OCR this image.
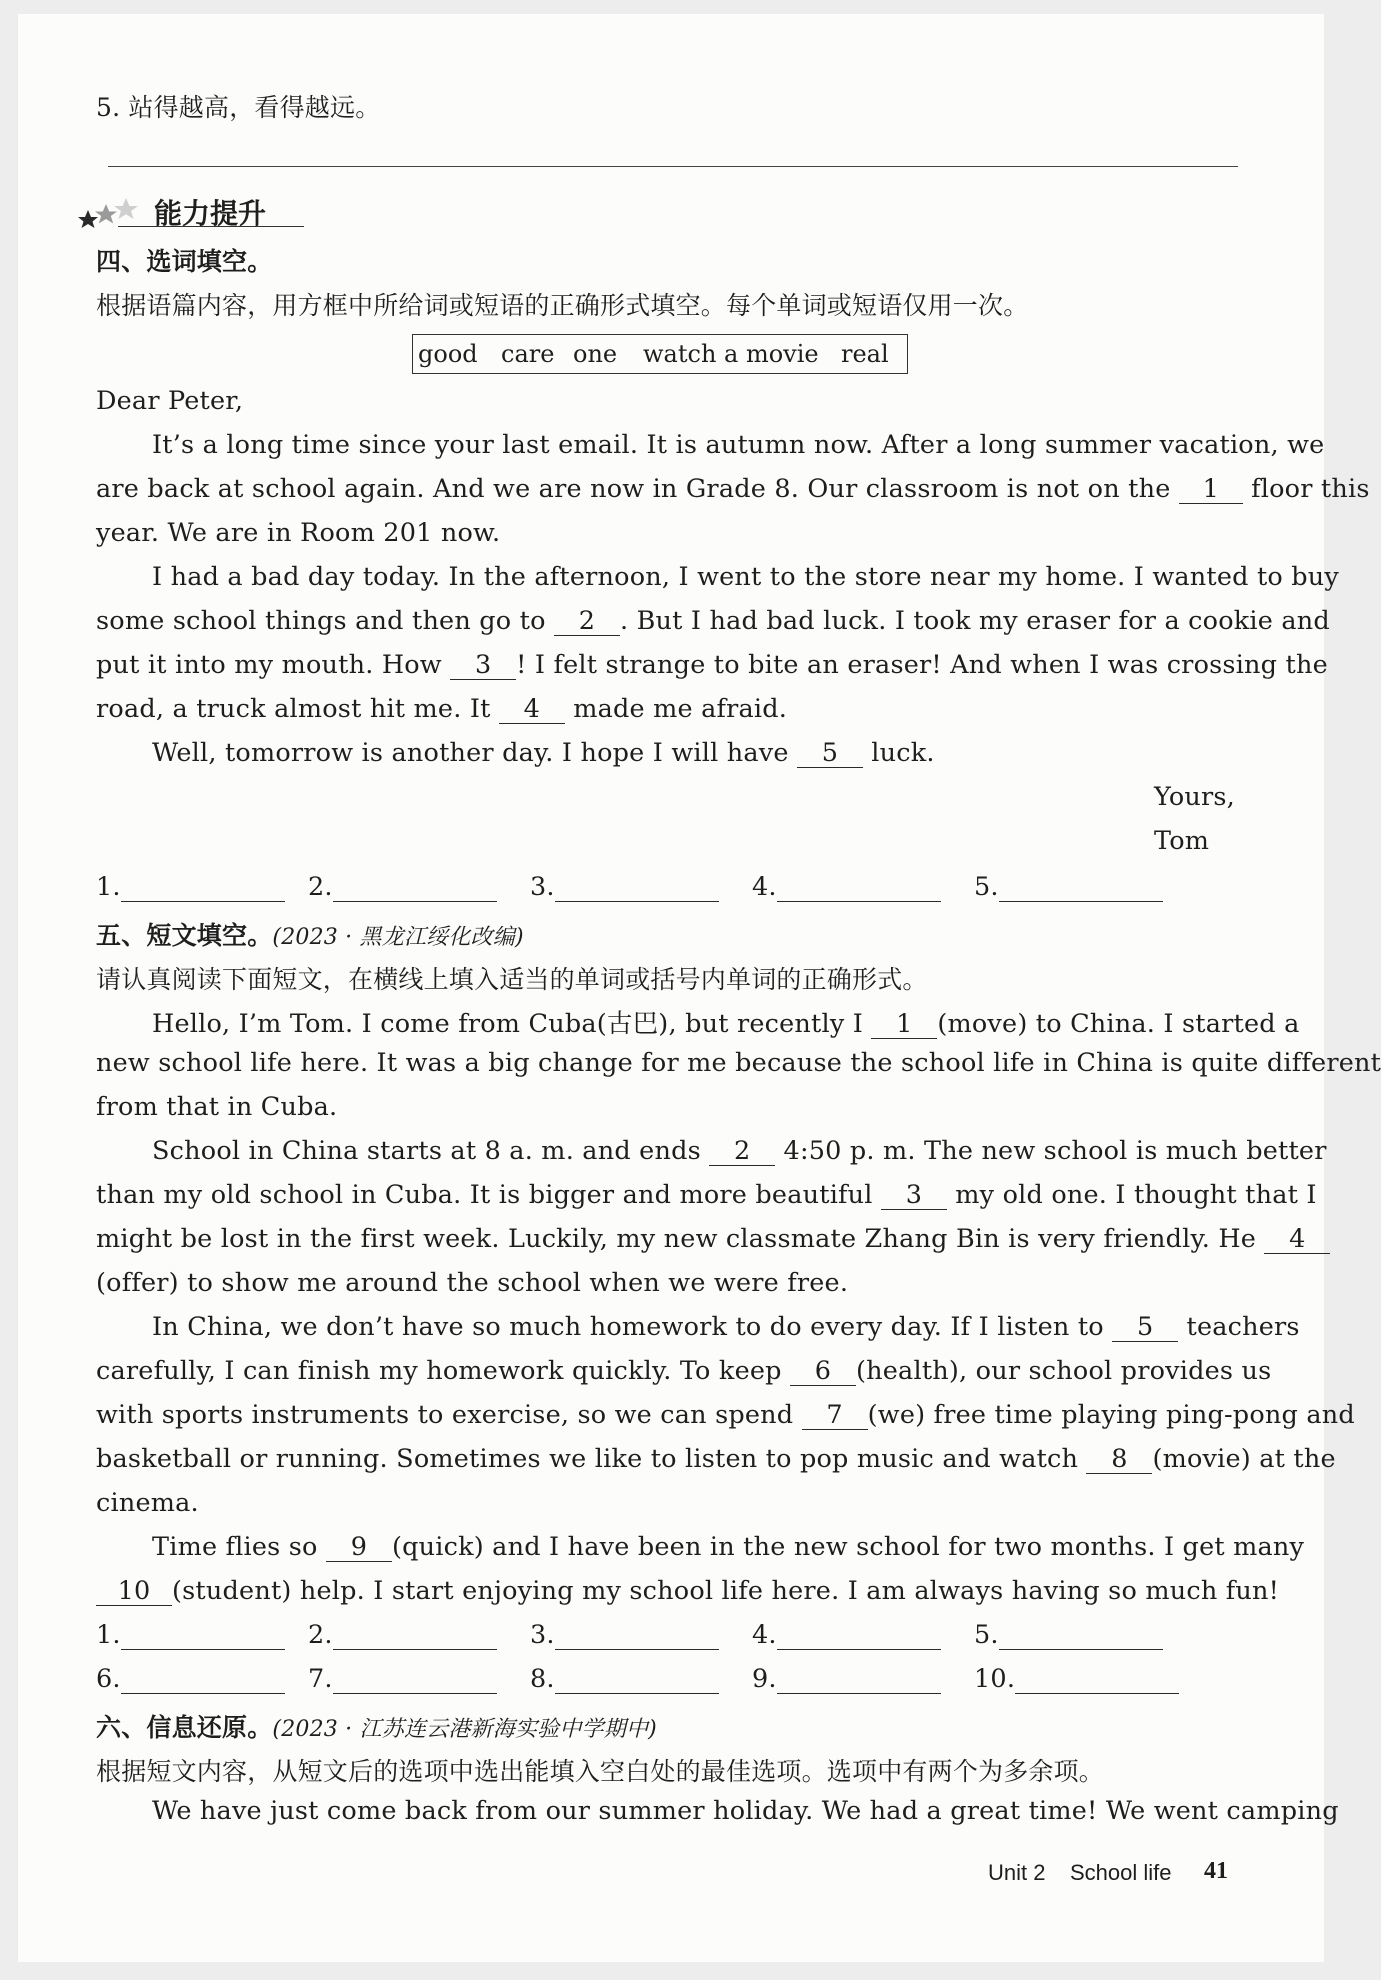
5. 站得越高，看得越远。
能力提升
四、选词填空。
根据语篇内容，用方框中所给词或短语的正确形式填空。每个单词或短语仅用一次。
good care one watch a movie real
Dear Peter,
It’s a long time since your last email. It is autumn now. After a long summer vacation, we
are back at school again. And we are now in Grade 8. Our classroom is not on the 1 floor this
year. We are in Room 201 now.
I had a bad day today. In the afternoon, I went to the store near my home. I wanted to buy
some school things and then go to 2 . But I had bad luck. I took my eraser for a cookie and
put it into my mouth. How 3 ! I felt strange to bite an eraser! And when I was crossing the
road, a truck almost hit me. It 4 made me afraid.
Well, tomorrow is another day. I hope I will have 5 luck.
Yours,
Tom
1.	2.	3.	4.	5.
五、短文填空。(2023 · 黑龙江绥化改编)
请认真阅读下面短文，在横线上填入适当的单词或括号内单词的正确形式。
Hello, I’m Tom. I come from Cuba(古巴), but recently I 1 (move) to China. I started a
new school life here. It was a big change for me because the school life in China is quite different
from that in Cuba.
School in China starts at 8 a. m. and ends 2 4:50 p. m. The new school is much better
than my old school in Cuba. It is bigger and more beautiful 3 my old one. I thought that I
might be lost in the first week. Luckily, my new classmate Zhang Bin is very friendly. He 4
(offer) to show me around the school when we were free.
In China, we don’t have so much homework to do every day. If I listen to 5 teachers
carefully, I can finish my homework quickly. To keep 6 (health), our school provides us
with sports instruments to exercise, so we can spend 7 (we) free time playing ping-pong and
basketball or running. Sometimes we like to listen to pop music and watch 8 (movie) at the
cinema.
Time flies so 9 (quick) and I have been in the new school for two months. I get many
10 (student) help. I start enjoying my school life here. I am always having so much fun!
1.	2.	3.	4.	5.
6.	7.	8.	9.	10.
六、信息还原。(2023 · 江苏连云港新海实验中学期中)
根据短文内容，从短文后的选项中选出能填入空白处的最佳选项。选项中有两个为多余项。
We have just come back from our summer holiday. We had a great time! We went camping
Unit 2 School life 41
